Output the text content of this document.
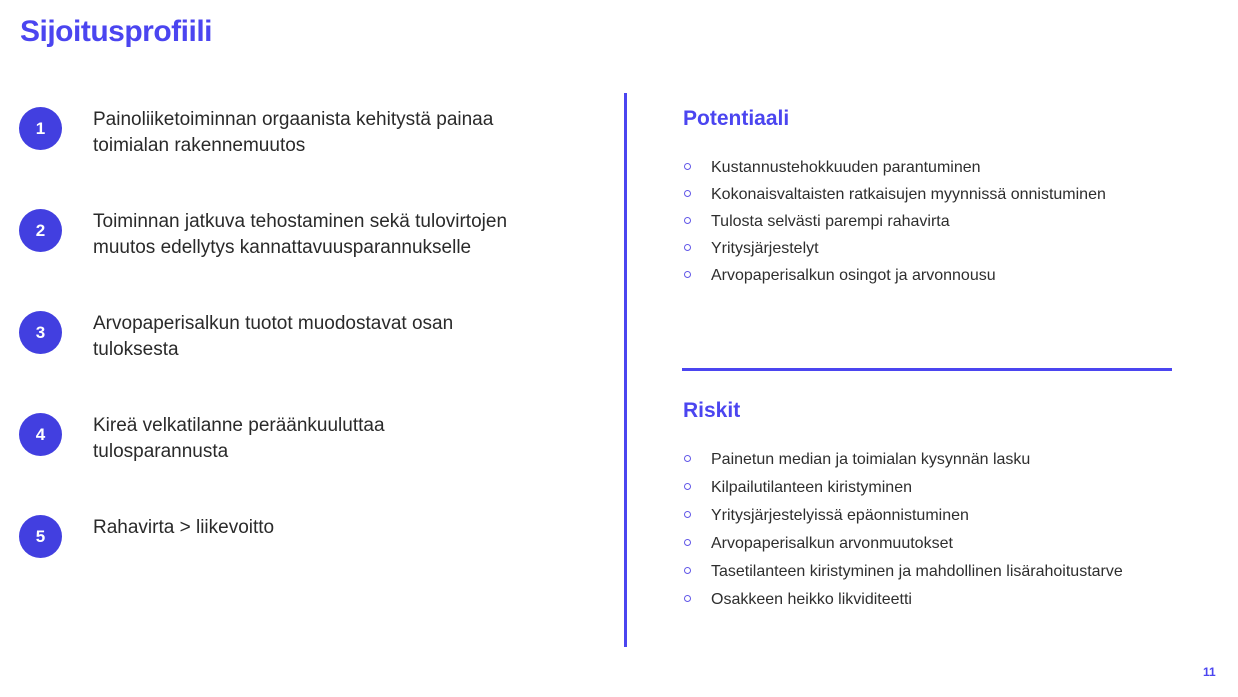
Sijoitusprofiili
1	Painoliiketoiminnan orgaanista kehitystä painaa toimialan rakennemuutos

2	Toiminnan jatkuva tehostaminen sekä tulovirtojen muutos edellytys kannattavuusparannukselle

3	Arvopaperisalkun tuotot muodostavat osan tuloksesta

4	Kireä velkatilanne peräänkuuluttaa tulosparannusta

5	Rahavirta > liikevoitto

Potentiaali
Kustannustehokkuuden parantuminen
Kokonaisvaltaisten ratkaisujen myynnissä onnistuminen
Tulosta selvästi parempi rahavirta
Yritysjärjestelyt
Arvopaperisalkun osingot ja arvonnousu
Riskit
Painetun median ja toimialan kysynnän lasku
Kilpailutilanteen kiristyminen
Yritysjärjestelyissä epäonnistuminen
Arvopaperisalkun arvonmuutokset
Tasetilanteen kiristyminen ja mahdollinen lisärahoitustarve
Osakkeen heikko likviditeetti
11
